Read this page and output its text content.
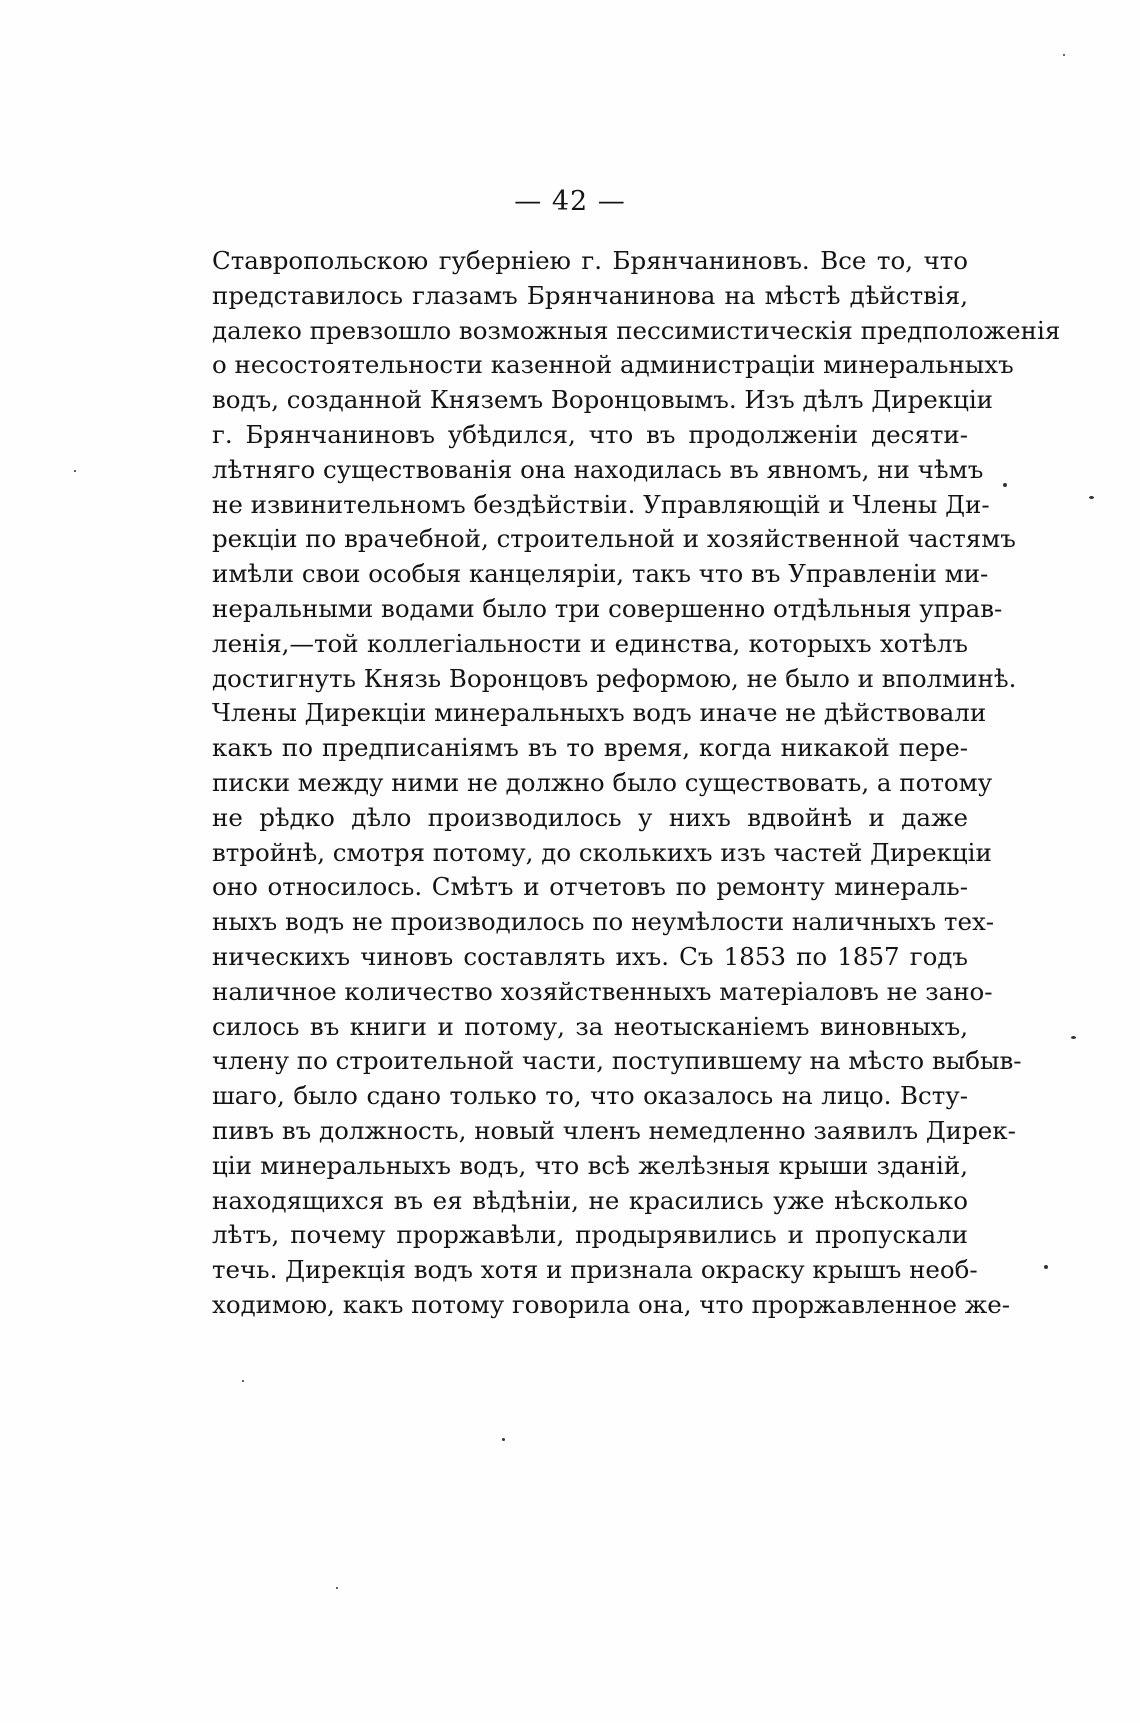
— 42 —
Ставропольскою губерніею г. Брянчаниновъ. Все то, что
представилось глазамъ Брянчанинова на мѣстѣ дѣйствія,
далеко превзошло возможныя пессимистическія предположенія
о несостоятельности казенной администраціи минеральныхъ
водъ, созданной Княземъ Воронцовымъ. Изъ дѣлъ Дирекціи
г. Брянчаниновъ убѣдился, что въ продолженіи десяти-
лѣтняго существованія она находилась въ явномъ, ни чѣмъ
не извинительномъ бездѣйствіи. Управляющій и Члены Ди-
рекціи по врачебной, строительной и хозяйственной частямъ
имѣли свои особыя канцеляріи, такъ что въ Управленіи ми-
неральными водами было три совершенно отдѣльныя управ-
ленія,—той коллегіальности и единства, которыхъ хотѣлъ
достигнуть Князь Воронцовъ реформою, не было и вполминѣ.
Члены Дирекціи минеральныхъ водъ иначе не дѣйствовали
какъ по предписаніямъ въ то время, когда никакой пере-
писки между ними не должно было существовать, а потому
не рѣдко дѣло производилось у нихъ вдвойнѣ и даже
втройнѣ, смотря потому, до сколькихъ изъ частей Дирекціи
оно относилось. Смѣтъ и отчетовъ по ремонту минераль-
ныхъ водъ не производилось по неумѣлости наличныхъ тех-
ническихъ чиновъ составлять ихъ. Съ 1853 по 1857 годъ
наличное количество хозяйственныхъ матеріаловъ не зано-
силось въ книги и потому, за неотысканіемъ виновныхъ,
члену по строительной части, поступившему на мѣсто выбыв-
шаго, было сдано только то, что оказалось на лицо. Всту-
пивъ въ должность, новый членъ немедленно заявилъ Дирек-
ціи минеральныхъ водъ, что всѣ желѣзныя крыши зданій,
находящихся въ ея вѣдѣніи, не красились уже нѣсколько
лѣтъ, почему проржавѣли, продырявились и пропускали
течь. Дирекція водъ хотя и признала окраску крышъ необ-
ходимою, какъ потому говорила она, что проржавленное же-
